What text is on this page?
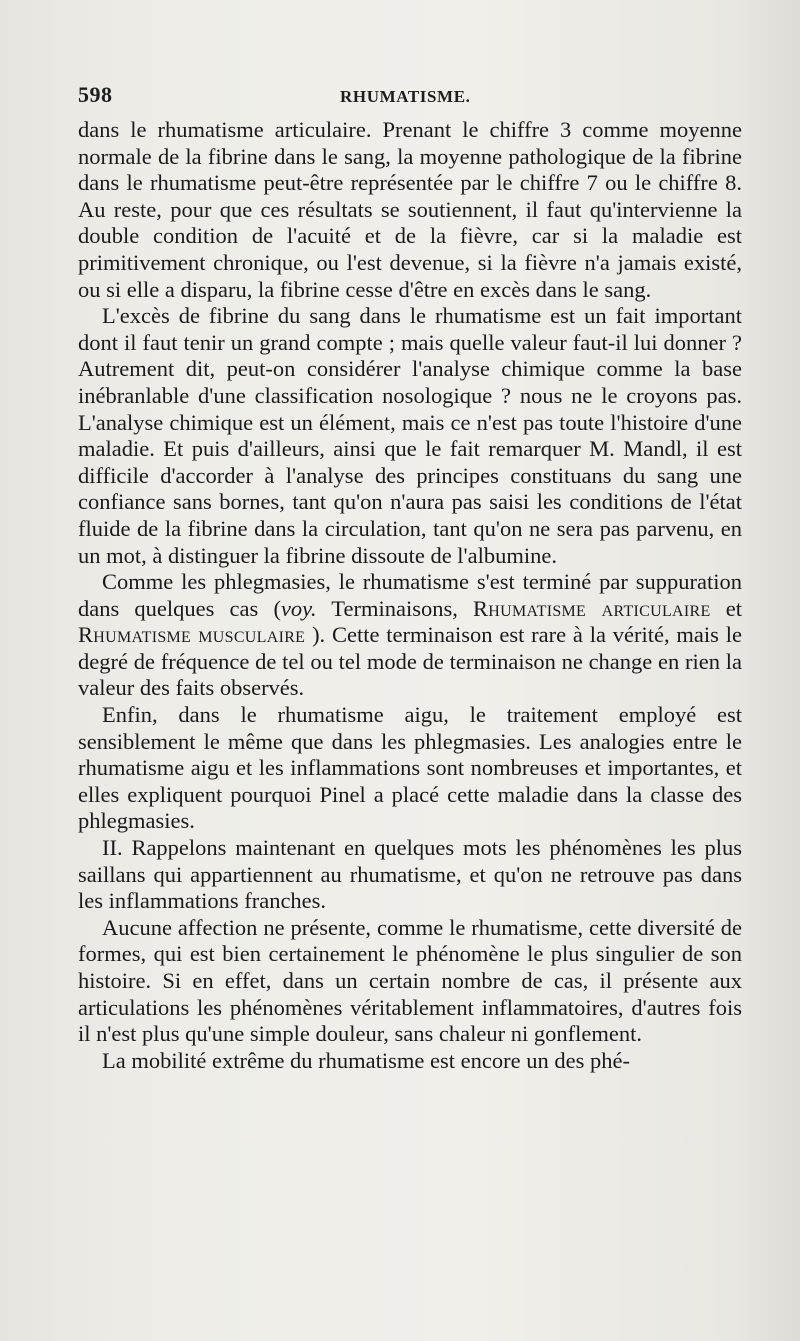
598	RHUMATISME.

dans le rhumatisme articulaire. Prenant le chiffre 3 comme moyenne normale de la fibrine dans le sang, la moyenne pathologique de la fibrine dans le rhumatisme peut-être représentée par le chiffre 7 ou le chiffre 8. Au reste, pour que ces résultats se soutiennent, il faut qu'intervienne la double condition de l'acuité et de la fièvre, car si la maladie est primitivement chronique, ou l'est devenue, si la fièvre n'a jamais existé, ou si elle a disparu, la fibrine cesse d'être en excès dans le sang.

L'excès de fibrine du sang dans le rhumatisme est un fait important dont il faut tenir un grand compte ; mais quelle valeur faut-il lui donner ? Autrement dit, peut-on considérer l'analyse chimique comme la base inébranlable d'une classification nosologique ? nous ne le croyons pas. L'analyse chimique est un élément, mais ce n'est pas toute l'histoire d'une maladie. Et puis d'ailleurs, ainsi que le fait remarquer M. Mandl, il est difficile d'accorder à l'analyse des principes constituans du sang une confiance sans bornes, tant qu'on n'aura pas saisi les conditions de l'état fluide de la fibrine dans la circulation, tant qu'on ne sera pas parvenu, en un mot, à distinguer la fibrine dissoute de l'albumine.

Comme les phlegmasies, le rhumatisme s'est terminé par suppuration dans quelques cas (voy. Terminaisons, Rhumatisme articulaire et Rhumatisme musculaire ). Cette terminaison est rare à la vérité, mais le degré de fréquence de tel ou tel mode de terminaison ne change en rien la valeur des faits observés.

Enfin, dans le rhumatisme aigu, le traitement employé est sensiblement le même que dans les phlegmasies. Les analogies entre le rhumatisme aigu et les inflammations sont nombreuses et importantes, et elles expliquent pourquoi Pinel a placé cette maladie dans la classe des phlegmasies.

II. Rappelons maintenant en quelques mots les phénomènes les plus saillans qui appartiennent au rhumatisme, et qu'on ne retrouve pas dans les inflammations franches.

Aucune affection ne présente, comme le rhumatisme, cette diversité de formes, qui est bien certainement le phénomène le plus singulier de son histoire. Si en effet, dans un certain nombre de cas, il présente aux articulations les phénomènes véritablement inflammatoires, d'autres fois il n'est plus qu'une simple douleur, sans chaleur ni gonflement.

La mobilité extrême du rhumatisme est encore un des phé-
